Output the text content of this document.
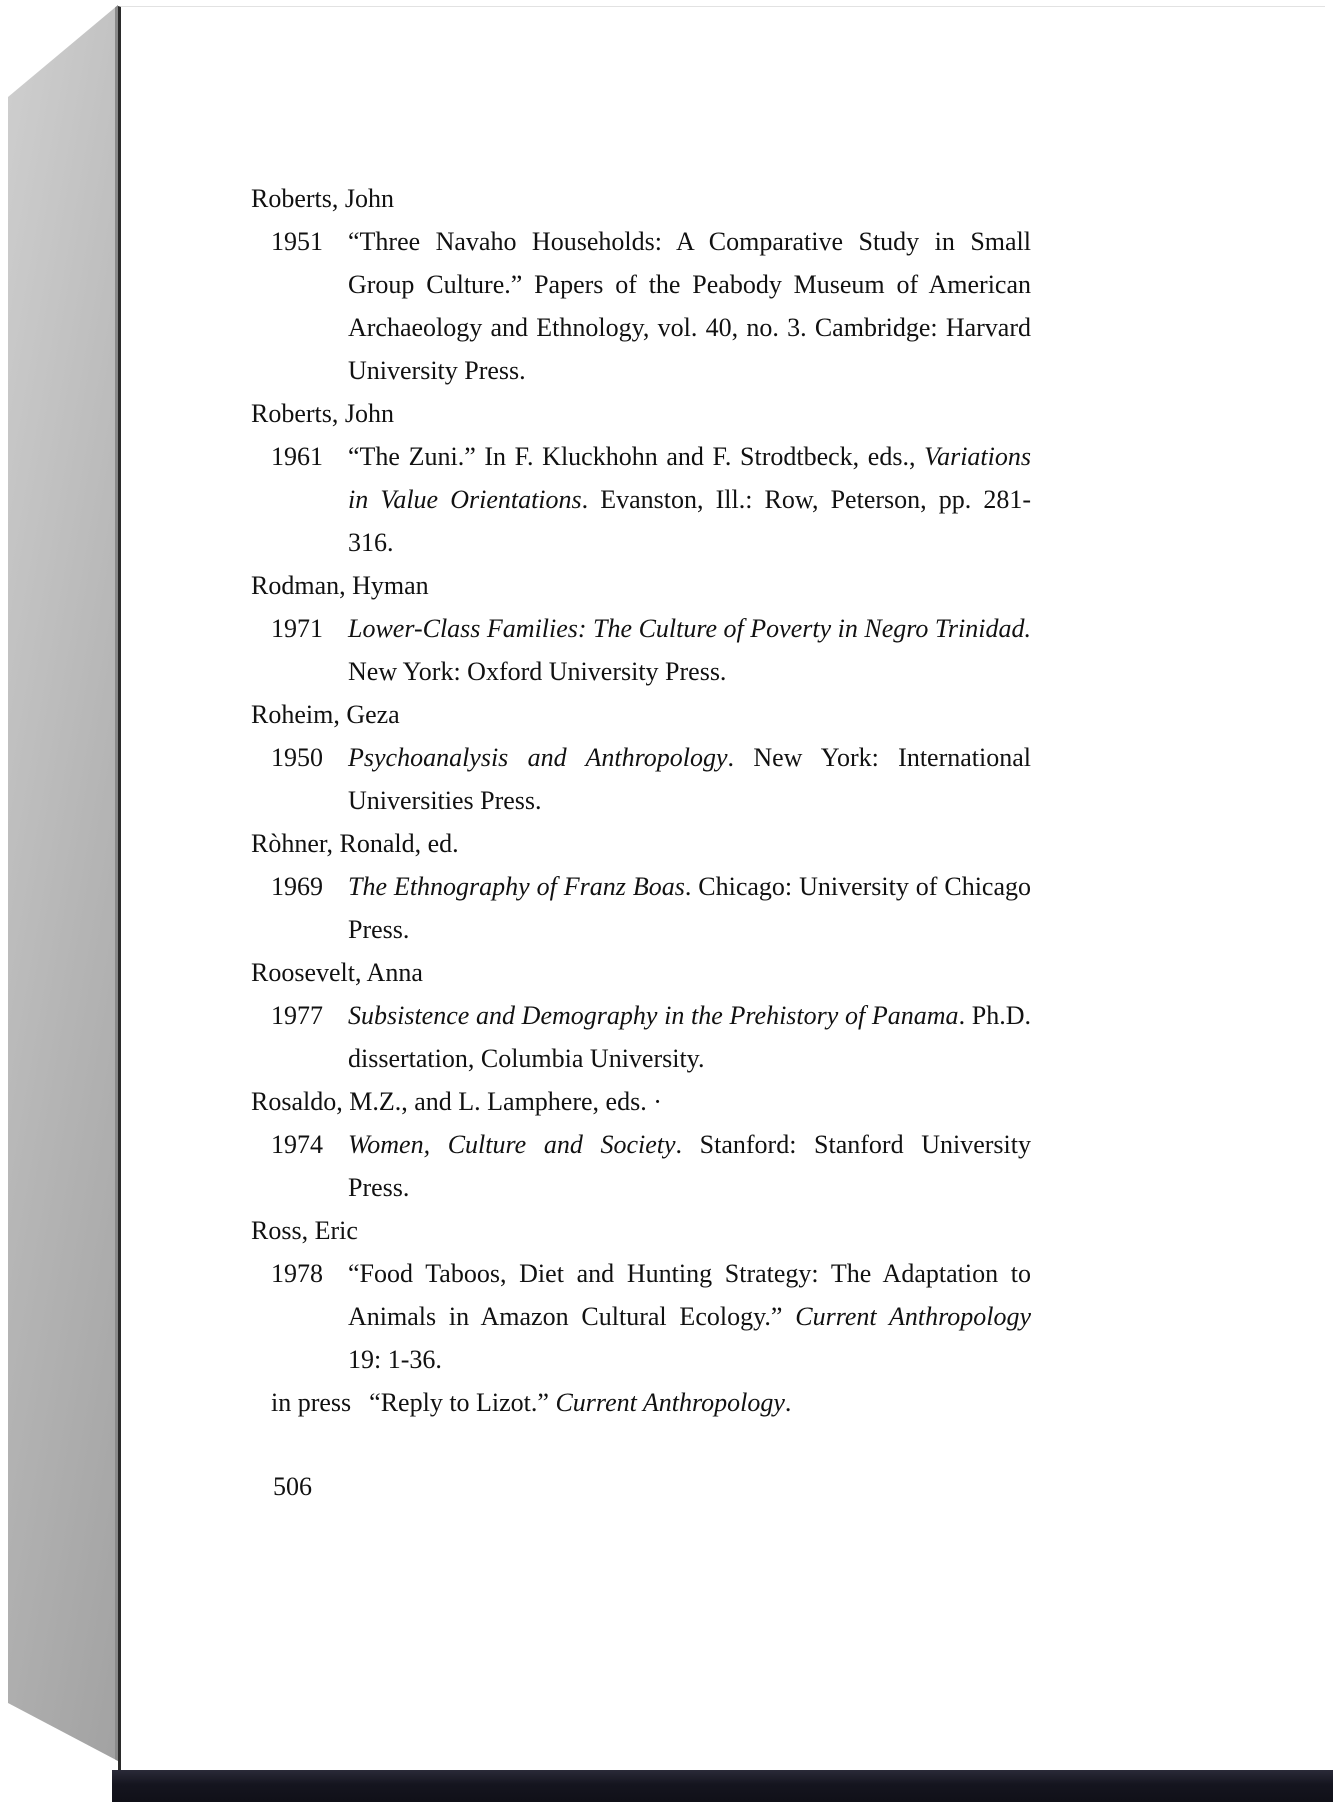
Roberts, John
1951 “Three Navaho Households: A Comparative Study in Small Group Culture.” Papers of the Peabody Museum of American Archaeology and Ethnology, vol. 40, no. 3. Cambridge: Harvard University Press.
Roberts, John
1961 “The Zuni.” In F. Kluckhohn and F. Strodtbeck, eds., Variations in Value Orientations. Evanston, Ill.: Row, Peterson, pp. 281-316.
Rodman, Hyman
1971 Lower-Class Families: The Culture of Poverty in Negro Trinidad. New York: Oxford University Press.
Roheim, Geza
1950 Psychoanalysis and Anthropology. New York: International Universities Press.
Ròhner, Ronald, ed.
1969 The Ethnography of Franz Boas. Chicago: University of Chicago Press.
Roosevelt, Anna
1977 Subsistence and Demography in the Prehistory of Panama. Ph.D. dissertation, Columbia University.
Rosaldo, M.Z., and L. Lamphere, eds. ·
1974 Women, Culture and Society. Stanford: Stanford University Press.
Ross, Eric
1978 “Food Taboos, Diet and Hunting Strategy: The Adaptation to Animals in Amazon Cultural Ecology.” Current Anthropology 19: 1-36.
in press “Reply to Lizot.” Current Anthropology.
506
